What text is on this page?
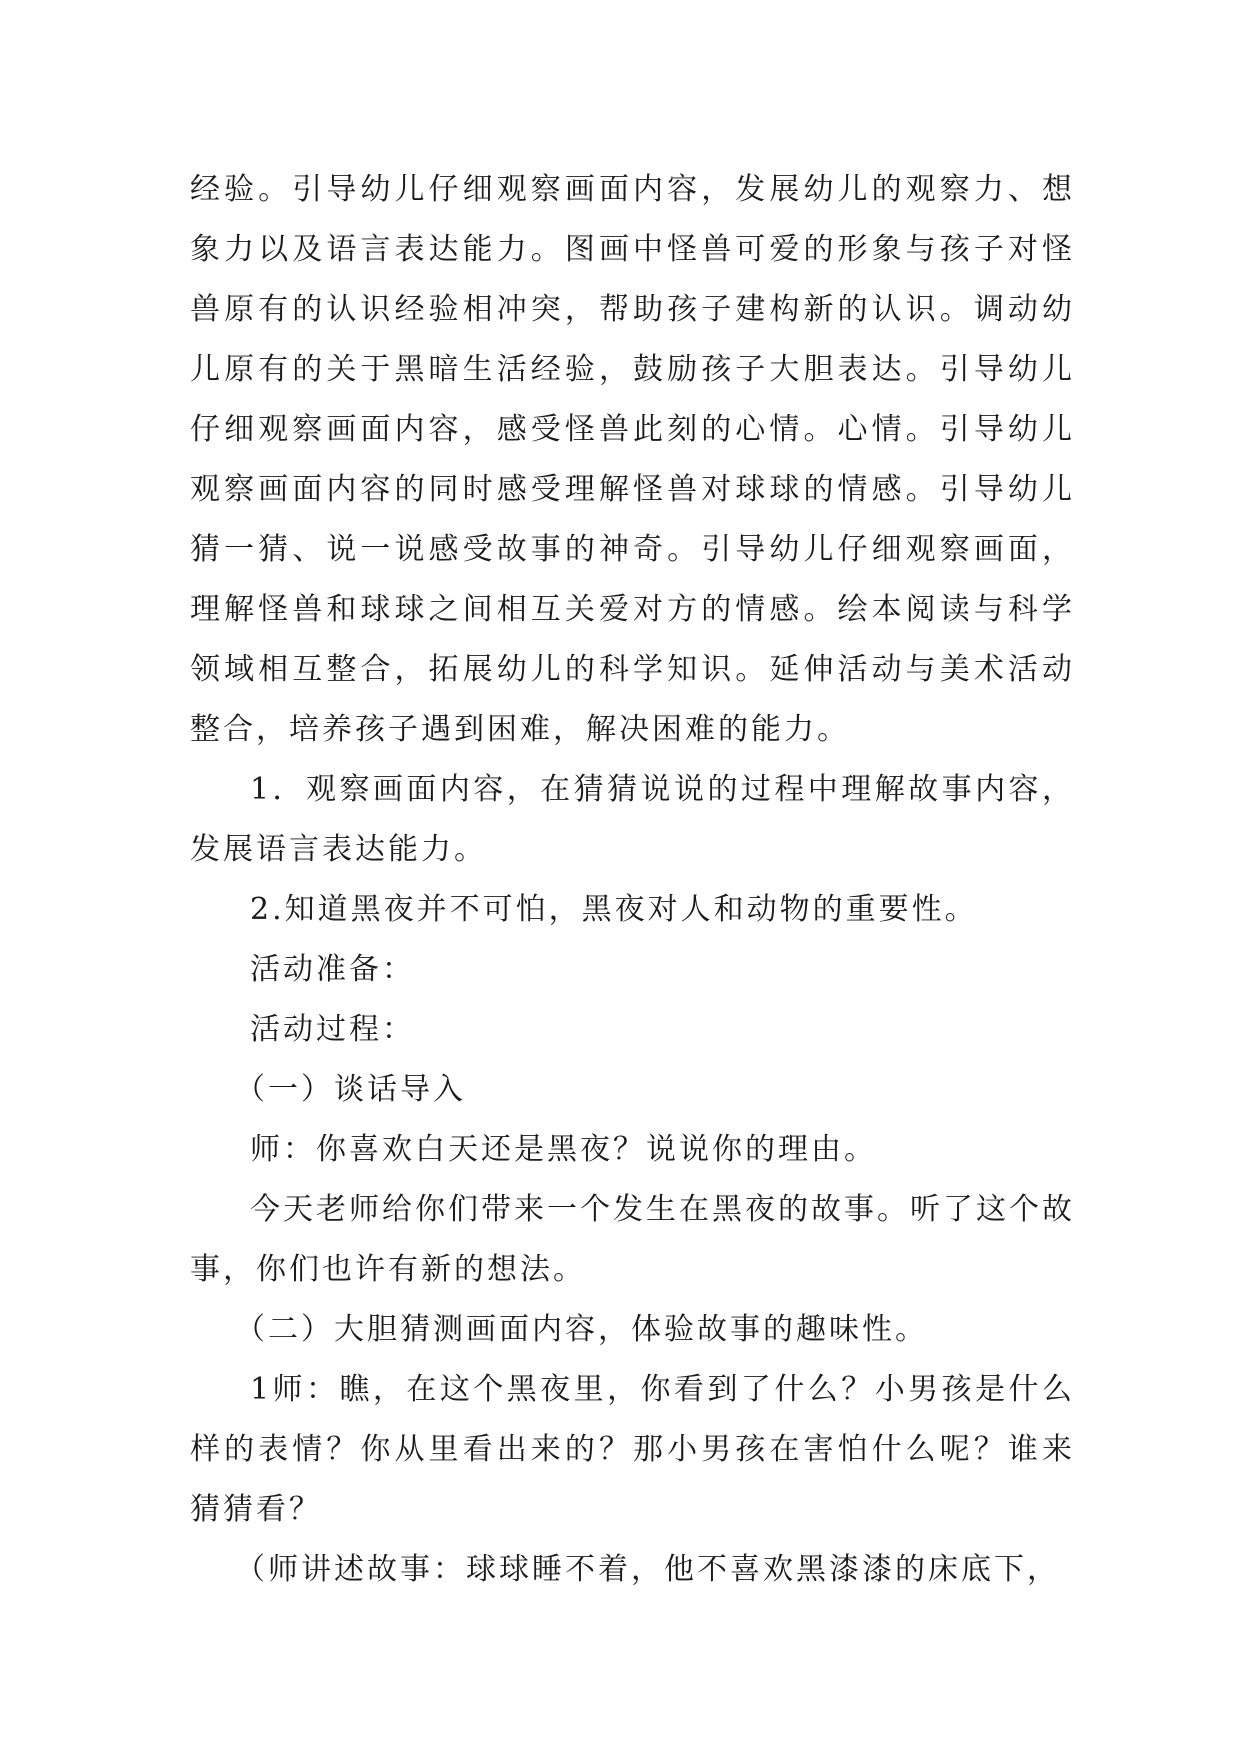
经验。引导幼儿仔细观察画面内容，发展幼儿的观察力、想象力以及语言表达能力。图画中怪兽可爱的形象与孩子对怪兽原有的认识经验相冲突，帮助孩子建构新的认识。调动幼儿原有的关于黑暗生活经验，鼓励孩子大胆表达。引导幼儿仔细观察画面内容，感受怪兽此刻的心情。心情。引导幼儿观察画面内容的同时感受理解怪兽对球球的情感。引导幼儿猜一猜、说一说感受故事的神奇。引导幼儿仔细观察画面，理解怪兽和球球之间相互关爱对方的情感。绘本阅读与科学领域相互整合，拓展幼儿的科学知识。延伸活动与美术活动整合，培养孩子遇到困难，解决困难的能力。

1．观察画面内容，在猜猜说说的过程中理解故事内容，发展语言表达能力。

2.知道黑夜并不可怕，黑夜对人和动物的重要性。

活动准备：

活动过程：

（一）谈话导入

师：你喜欢白天还是黑夜？说说你的理由。

今天老师给你们带来一个发生在黑夜的故事。听了这个故事，你们也许有新的想法。

（二）大胆猜测画面内容，体验故事的趣味性。

1师：瞧，在这个黑夜里，你看到了什么？小男孩是什么样的表情？你从里看出来的？那小男孩在害怕什么呢？谁来猜猜看？

（师讲述故事：球球睡不着，他不喜欢黑漆漆的床底下，
